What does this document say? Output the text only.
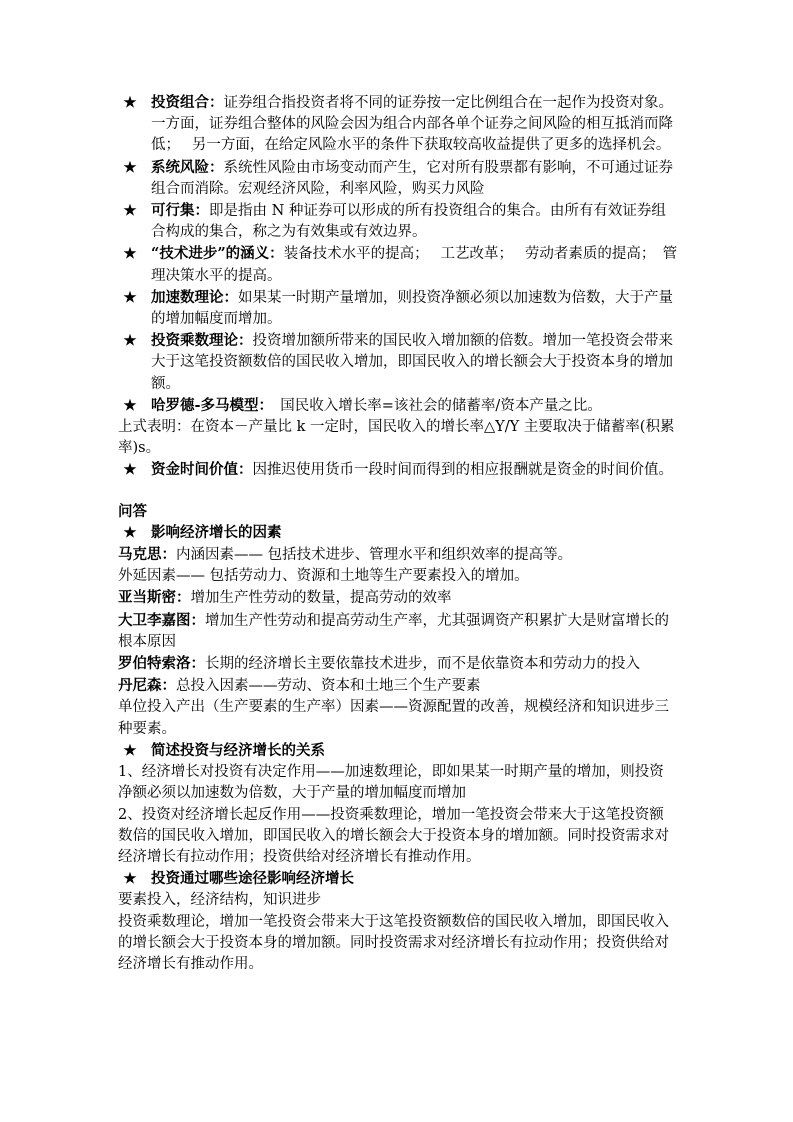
★ 投资组合：证券组合指投资者将不同的证券按一定比例组合在一起作为投资对象。一方面，证券组合整体的风险会因为组合内部各单个证券之间风险的相互抵消而降低；　 另一方面，在给定风险水平的条件下获取较高收益提供了更多的选择机会。
★ 系统风险：系统性风险由市场变动而产生，它对所有股票都有影响，不可通过证券组合而消除。宏观经济风险，利率风险，购买力风险
★ 可行集：即是指由 N 种证券可以形成的所有投资组合的集合。由所有有效证券组合构成的集合，称之为有效集或有效边界。
★ “技术进步”的涵义：装备技术水平的提高；　 工艺改革；　 劳动者素质的提高；　管理决策水平的提高。
★ 加速数理论：如果某一时期产量增加，则投资净额必须以加速数为倍数，大于产量的增加幅度而增加。
★ 投资乘数理论：投资增加额所带来的国民收入增加额的倍数。增加一笔投资会带来大于这笔投资额数倍的国民收入增加，即国民收入的增长额会大于投资本身的增加额。
★ 哈罗德-多马模型：　国民收入增长率=该社会的储蓄率/资本产量之比。

上式表明：在资本－产量比 k 一定时，国民收入的增长率△Y/Y 主要取决于储蓄率(积累率)s。

★ 资金时间价值：因推迟使用货币一段时间而得到的相应报酬就是资金的时间价值。

问答

★ 影响经济增长的因素

马克思：内涵因素—— 包括技术进步、管理水平和组织效率的提高等。

外延因素—— 包括劳动力、资源和土地等生产要素投入的增加。

亚当斯密：增加生产性劳动的数量，提高劳动的效率

大卫李嘉图：增加生产性劳动和提高劳动生产率，尤其强调资产积累扩大是财富增长的根本原因

罗伯特索洛：长期的经济增长主要依靠技术进步，而不是依靠资本和劳动力的投入

丹尼森：总投入因素——劳动、资本和土地三个生产要素

单位投入产出（生产要素的生产率）因素——资源配置的改善，规模经济和知识进步三种要素。

★ 简述投资与经济增长的关系

1、经济增长对投资有决定作用——加速数理论，即如果某一时期产量的增加，则投资净额必须以加速数为倍数，大于产量的增加幅度而增加

2、投资对经济增长起反作用——投资乘数理论，增加一笔投资会带来大于这笔投资额数倍的国民收入增加，即国民收入的增长额会大于投资本身的增加额。同时投资需求对经济增长有拉动作用；投资供给对经济增长有推动作用。

★ 投资通过哪些途径影响经济增长

要素投入，经济结构，知识进步

投资乘数理论，增加一笔投资会带来大于这笔投资额数倍的国民收入增加，即国民收入的增长额会大于投资本身的增加额。同时投资需求对经济增长有拉动作用；投资供给对经济增长有推动作用。
